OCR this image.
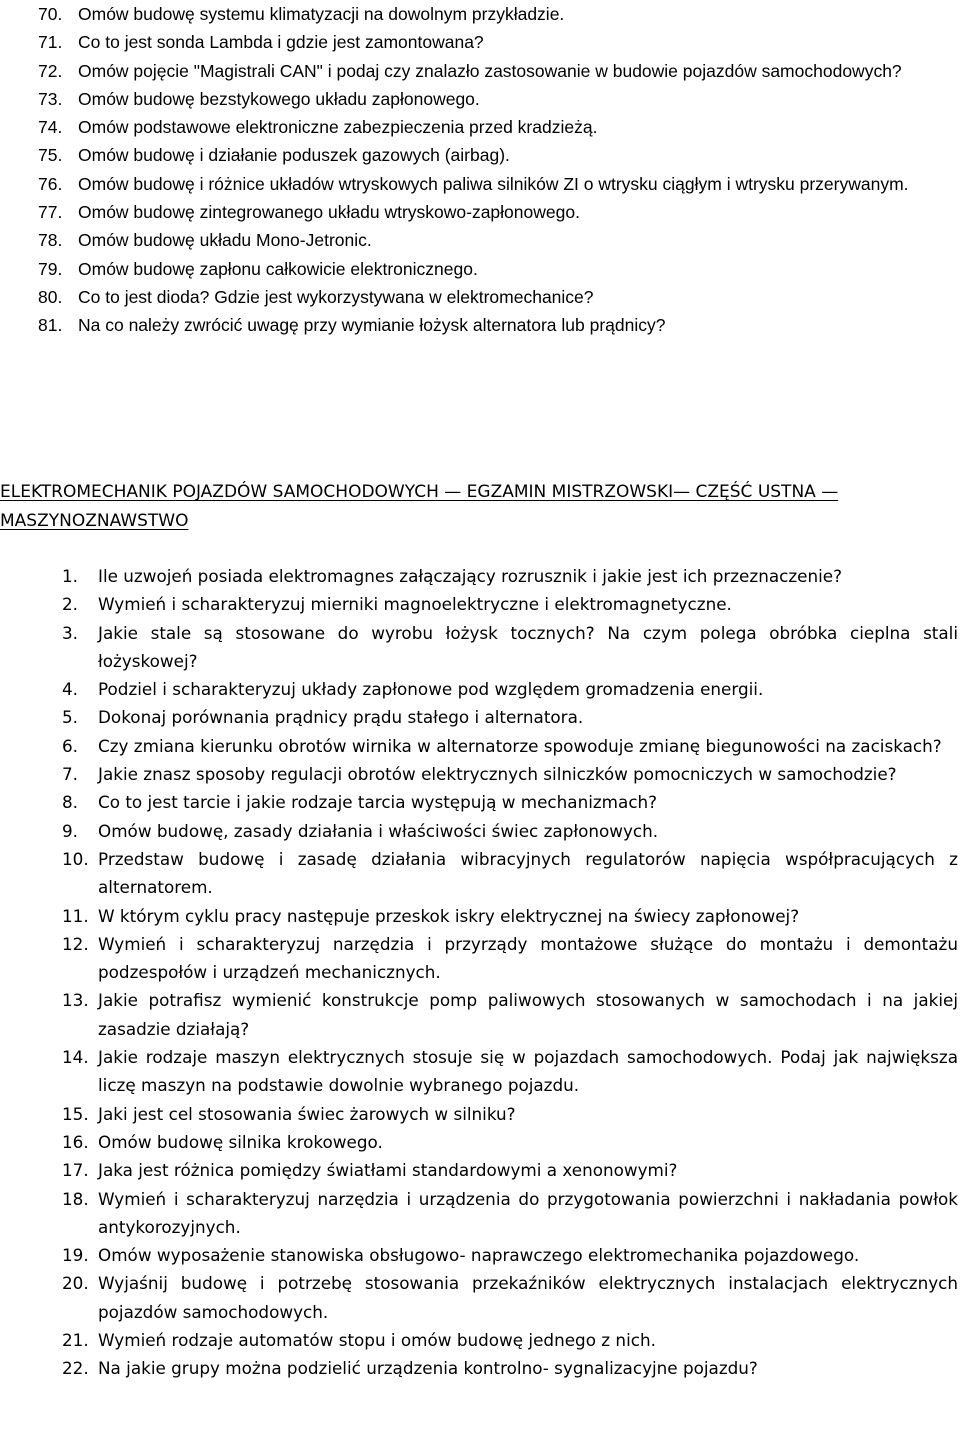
70. Omów budowę systemu klimatyzacji na dowolnym przykładzie.
71. Co to jest sonda Lambda i gdzie jest zamontowana?
72. Omów pojęcie "Magistrali CAN" i podaj czy znalazło zastosowanie w budowie pojazdów samochodowych?
73. Omów budowę bezstykowego układu zapłonowego.
74. Omów podstawowe elektroniczne zabezpieczenia przed kradzieżą.
75. Omów budowę i działanie poduszek gazowych (airbag).
76. Omów budowę i różnice układów wtryskowych paliwa silników ZI o wtrysku ciągłym i wtrysku przerywanym.
77. Omów budowę zintegrowanego układu wtryskowo-zapłonowego.
78. Omów budowę układu Mono-Jetronic.
79. Omów budowę zapłonu całkowicie elektronicznego.
80. Co to jest dioda? Gdzie jest wykorzystywana w elektromechanice?
81. Na co należy zwrócić uwagę przy wymianie łożysk alternatora lub prądnicy?
ELEKTROMECHANIK POJAZDÓW SAMOCHODOWYCH — EGZAMIN MISTRZOWSKI— CZĘŚĆ USTNA — MASZYNOZNAWSTWO
1.	Ile uzwojeń posiada elektromagnes załączający rozrusznik i jakie jest ich przeznaczenie?
2.	Wymień i scharakteryzuj mierniki magnoelektryczne i elektromagnetyczne.
3.	Jakie stale są stosowane do wyrobu łożysk tocznych? Na czym polega obróbka cieplna stali łożyskowej?
4.	Podziel i scharakteryzuj układy zapłonowe pod względem gromadzenia energii.
5.	Dokonaj porównania prądnicy prądu stałego i alternatora.
6.	Czy zmiana kierunku obrotów wirnika w alternatorze spowoduje zmianę biegunowości na zaciskach?
7.	Jakie znasz sposoby regulacji obrotów elektrycznych silniczków pomocniczych w samochodzie?
8.	Co to jest tarcie i jakie rodzaje tarcia występują w mechanizmach?
9.	Omów budowę, zasady działania i właściwości świec zapłonowych.
10. Przedstaw budowę i zasadę działania wibracyjnych regulatorów napięcia współpracujących z alternatorem.
11. W którym cyklu pracy następuje przeskok iskry elektrycznej na świecy zapłonowej?
12. Wymień i scharakteryzuj narzędzia i przyrządy montażowe służące do montażu i demontażu podzespołów i urządzeń mechanicznych.
13. Jakie potrafisz wymienić konstrukcje pomp paliwowych stosowanych w samochodach i na jakiej zasadzie działają?
14. Jakie rodzaje maszyn elektrycznych stosuje się w pojazdach samochodowych. Podaj jak największa liczę maszyn na podstawie dowolnie wybranego pojazdu.
15. Jaki jest cel stosowania świec żarowych w silniku?
16. Omów budowę silnika krokowego.
17. Jaka jest różnica pomiędzy światłami standardowymi a xenonowymi?
18. Wymień i scharakteryzuj narzędzia i urządzenia do przygotowania powierzchni i nakładania powłok antykorozyjnych.
19. Omów wyposażenie stanowiska obsługowo- naprawczego elektromechanika pojazdowego.
20. Wyjaśnij budowę i potrzebę stosowania przekaźników elektrycznych instalacjach elektrycznych pojazdów samochodowych.
21. Wymień rodzaje automatów stopu i omów budowę jednego z nich.
22. Na jakie grupy można podzielić urządzenia kontrolno- sygnalizacyjne pojazdu?
